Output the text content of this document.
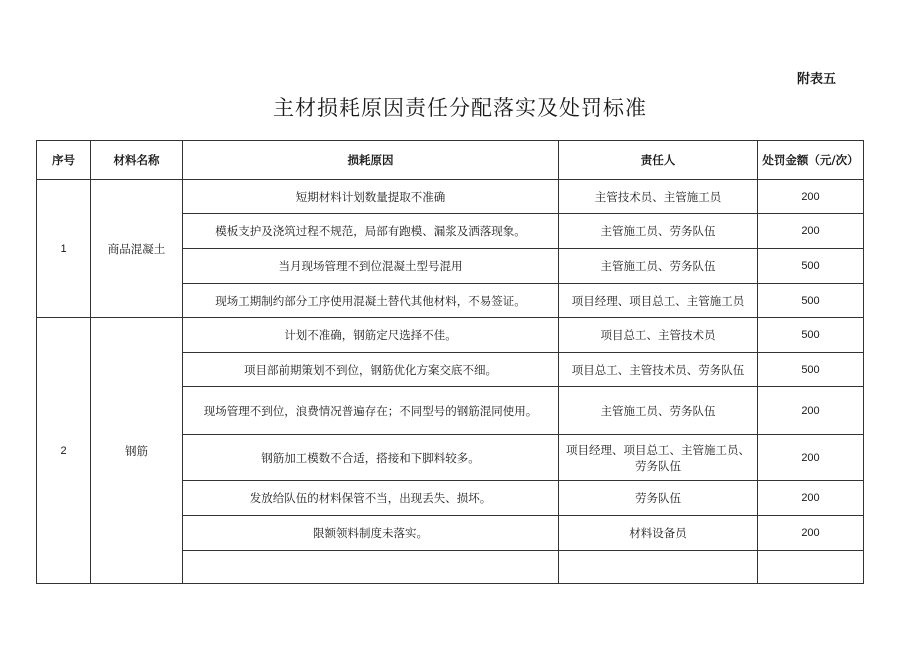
附表五
主材损耗原因责任分配落实及处罚标准
序号	材料名称	损耗原因	责任人	处罚金额（元/次）
1	商品混凝土	短期材料计划数量提取不准确	主管技术员、主管施工员	200
		模板支护及浇筑过程不规范，局部有跑模、漏浆及洒落现象。	主管施工员、劳务队伍	200
		当月现场管理不到位混凝土型号混用	主管施工员、劳务队伍	500
		现场工期制约部分工序使用混凝土替代其他材料，不易签证。	项目经理、项目总工、主管施工员	500
2	钢筋	计划不准确，钢筋定尺选择不佳。	项目总工、主管技术员	500
		项目部前期策划不到位，钢筋优化方案交底不细。	项目总工、主管技术员、劳务队伍	500
		现场管理不到位，浪费情况普遍存在；不同型号的钢筋混同使用。	主管施工员、劳务队伍	200
		钢筋加工模数不合适，搭接和下脚料较多。	项目经理、项目总工、主管施工员、劳务队伍	200
		发放给队伍的材料保管不当，出现丢失、损坏。	劳务队伍	200
		限额领料制度未落实。	材料设备员	200
